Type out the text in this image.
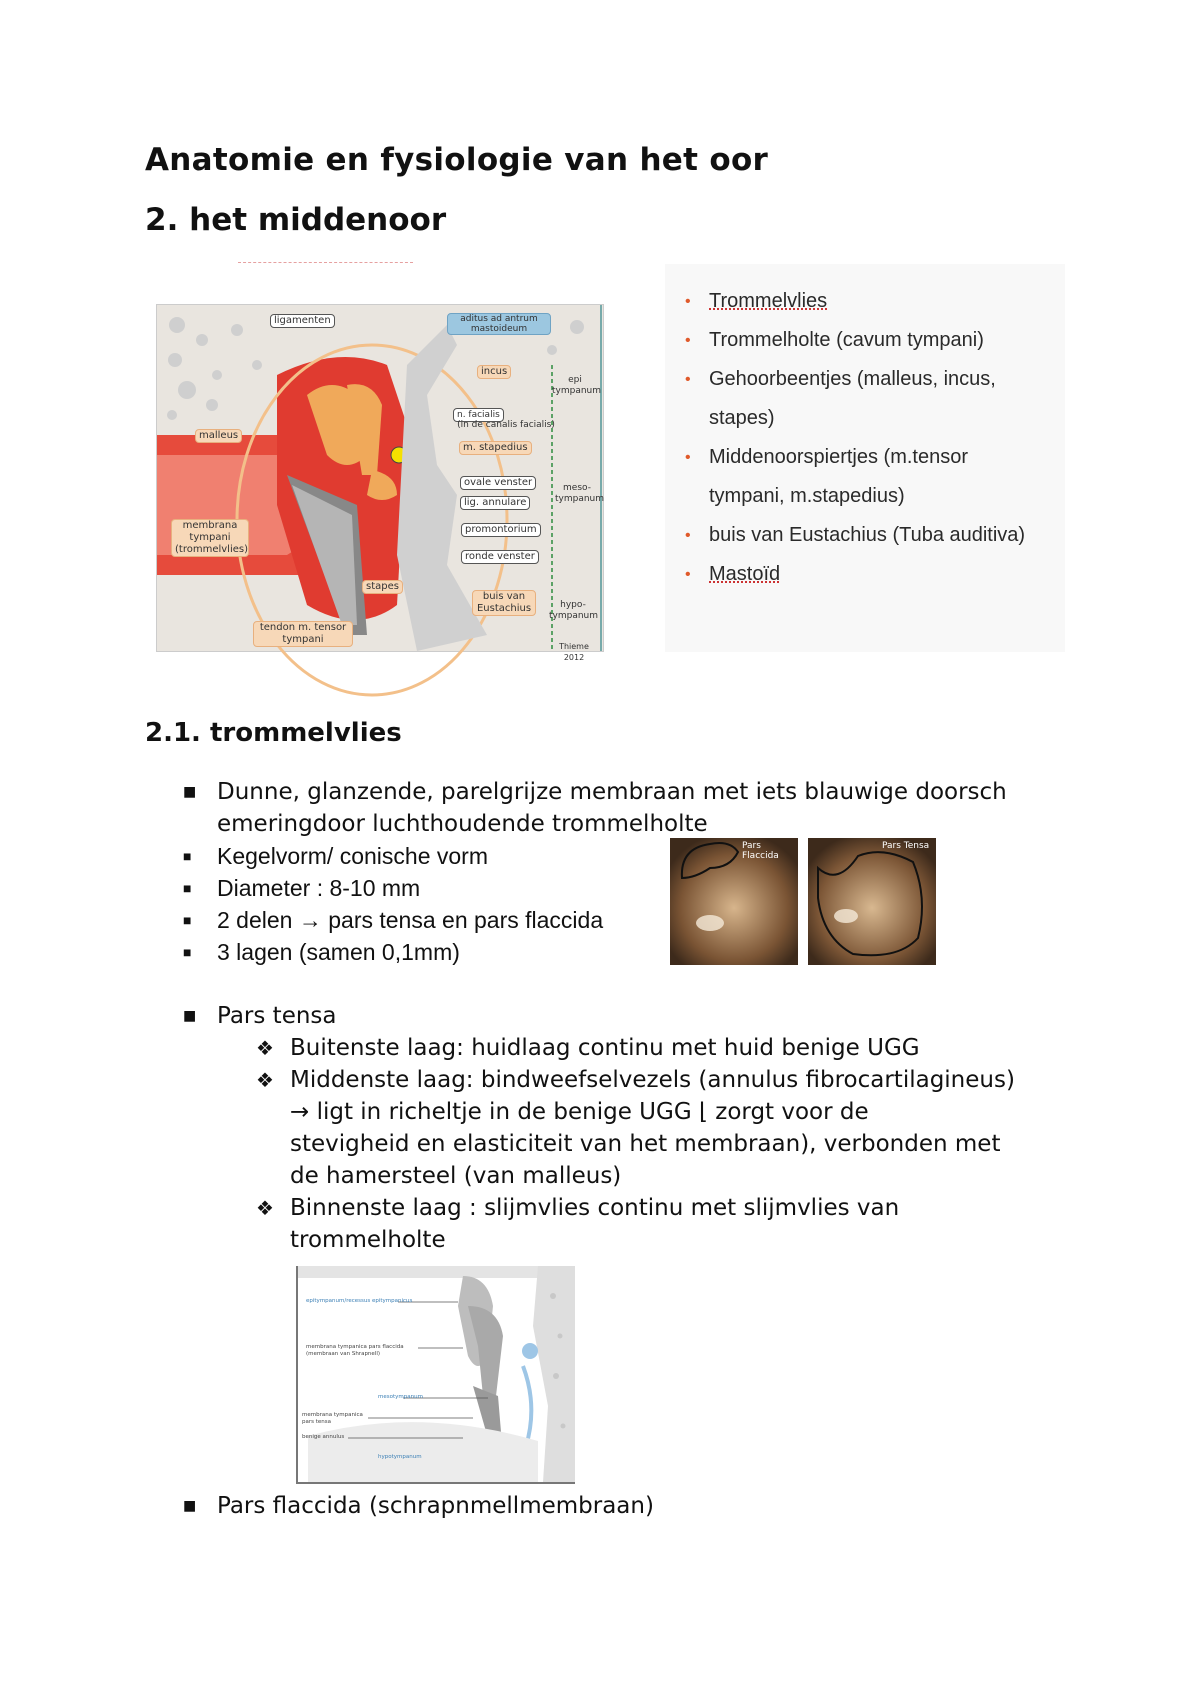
Anatomie en fysiologie van het oor
2. het middenoor
ligamenten	aditus ad antrum mastoideum
incus
epi tympanum
malleus
n. facialis
(in de canalis facialis)
m. stapedius
ovale venster
lig. annulare
meso- tympanum
membrana tympani (trommelvlies)
promontorium
ronde venster
stapes
buis van Eustachius	hypo- tympanum
tendon m. tensor tympani
Thieme 2012
• Trommelvlies
• Trommelholte (cavum tympani)
• Gehoorbeentjes (malleus, incus,
stapes)
• Middenoorspiertjes (m.tensor
tympani, m.stapedius)
• buis van Eustachius (Tuba auditiva)
• Mastoïd
2.1. trommelvlies
■ Dunne, glanzende, parelgrijze membraan met iets blauwige doorsch
emeringdoor luchthoudende trommelholte
■ Kegelvorm/ conische vorm
■ Diameter : 8-10 mm
■ 2 delen → pars tensa en pars flaccida
■ 3 lagen (samen 0,1mm)
Pars Flaccida
Pars Tensa
■ Pars tensa
❖ Buitenste laag: huidlaag continu met huid benige UGG
❖ Middenste laag: bindweefselvezels (annulus fibrocartilagineus)
→ ligt in richeltje in de benige UGG ⌊ zorgt voor de
stevigheid en elasticiteit van het membraan), verbonden met
de hamersteel (van malleus)
❖ Binnenste laag : slijmvlies continu met slijmvlies van
trommelholte
epitympanum/recessus epitympanicus
membrana tympanica pars flaccida
(membraan van Shrapnell)
mesotympanum
membrana tympanica
pars tensa
benige annulus
hypotympanum
■ Pars flaccida (schrapnmellmembraan)
